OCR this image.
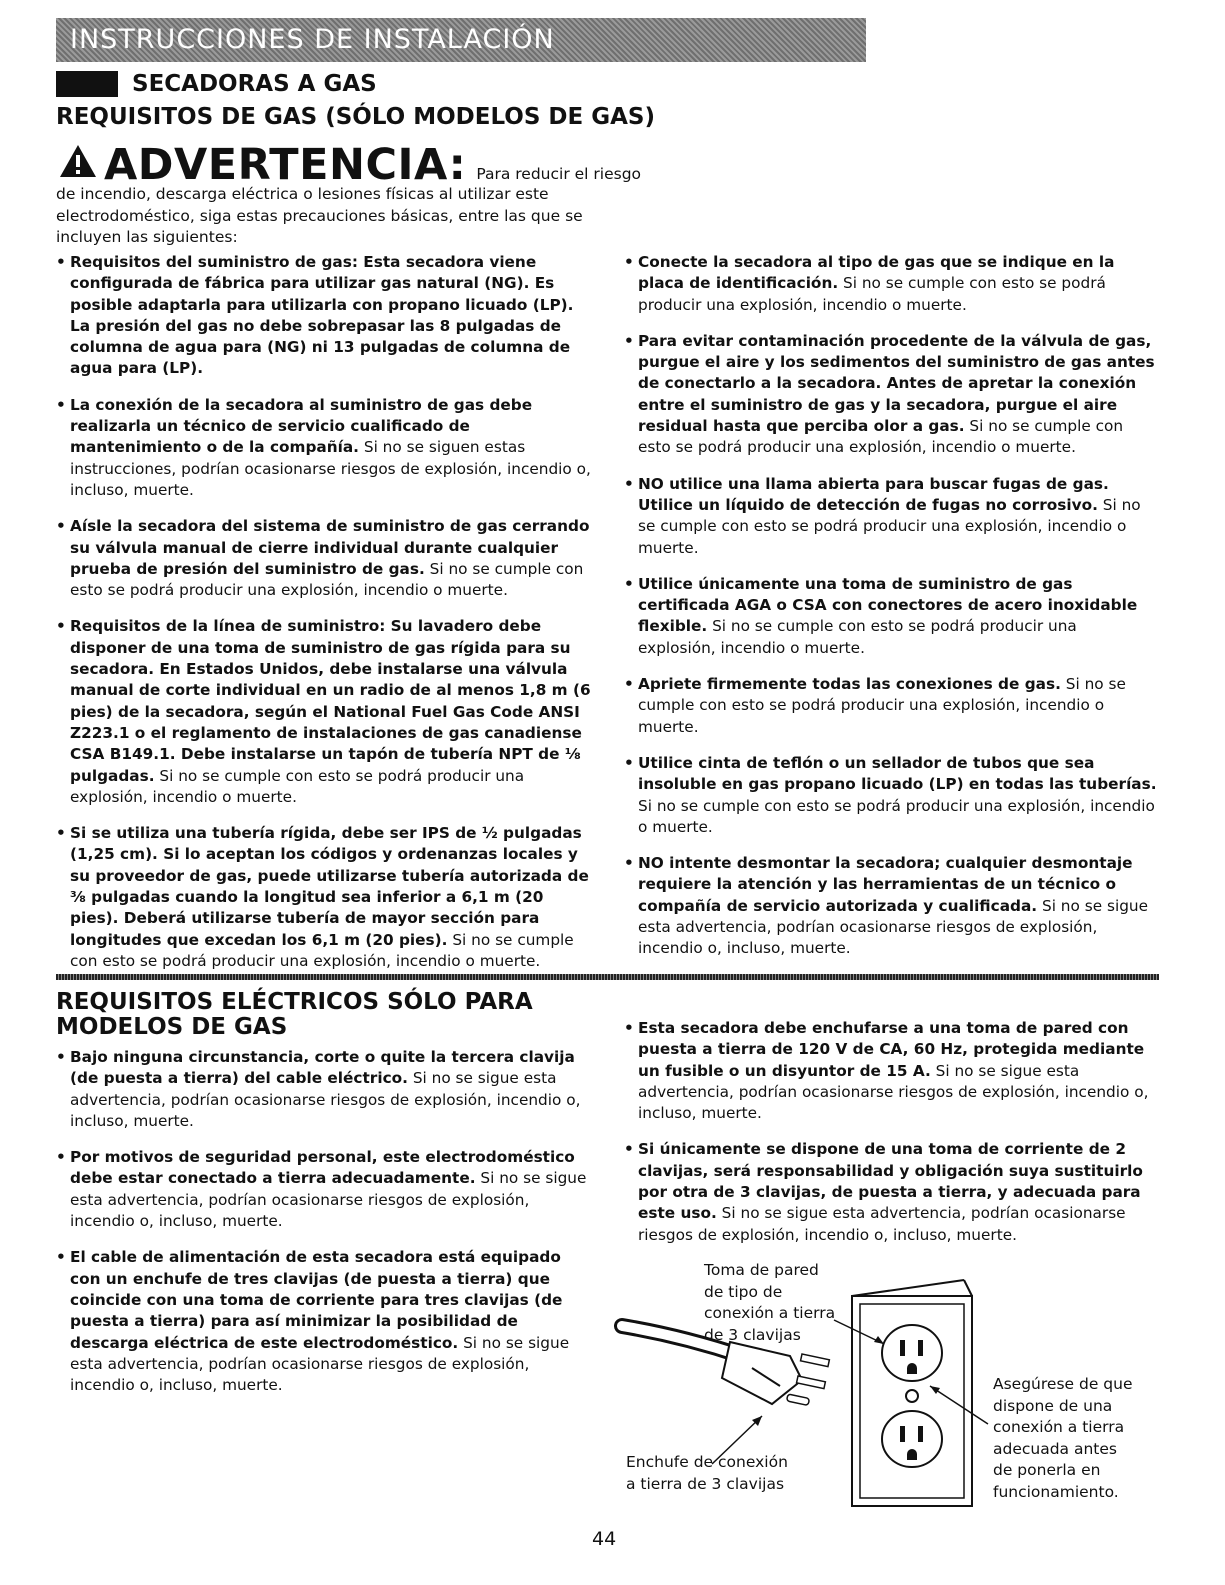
INSTRUCCIONES DE INSTALACIÓN
SECADORAS A GAS
REQUISITOS DE GAS (SÓLO MODELOS DE GAS)
ADVERTENCIA: Para reducir el riesgo
de incendio, descarga eléctrica o lesiones físicas al utilizar este electrodoméstico, siga estas precauciones básicas, entre las que se incluyen las siguientes:
• Requisitos del suministro de gas: Esta secadora viene configurada de fábrica para utilizar gas natural (NG). Es posible adaptarla para utilizarla con propano licuado (LP). La presión del gas no debe sobrepasar las 8 pulgadas de columna de agua para (NG) ni 13 pulgadas de columna de agua para (LP).
• La conexión de la secadora al suministro de gas debe realizarla un técnico de servicio cualificado de mantenimiento o de la compañía. Si no se siguen estas instrucciones, podrían ocasionarse riesgos de explosión, incendio o, incluso, muerte.
• Aísle la secadora del sistema de suministro de gas cerrando su válvula manual de cierre individual durante cualquier prueba de presión del suministro de gas. Si no se cumple con esto se podrá producir una explosión, incendio o muerte.
• Requisitos de la línea de suministro: Su lavadero debe disponer de una toma de suministro de gas rígida para su secadora. En Estados Unidos, debe instalarse una válvula manual de corte individual en un radio de al menos 1,8 m (6 pies) de la secadora, según el National Fuel Gas Code ANSI Z223.1 o el reglamento de instalaciones de gas canadiense CSA B149.1. Debe instalarse un tapón de tubería NPT de ⅛ pulgadas. Si no se cumple con esto se podrá producir una explosión, incendio o muerte.
• Si se utiliza una tubería rígida, debe ser IPS de ½ pulgadas (1,25 cm). Si lo aceptan los códigos y ordenanzas locales y su proveedor de gas, puede utilizarse tubería autorizada de ⅜ pulgadas cuando la longitud sea inferior a 6,1 m (20 pies). Deberá utilizarse tubería de mayor sección para longitudes que excedan los 6,1 m (20 pies). Si no se cumple con esto se podrá producir una explosión, incendio o muerte.
• Conecte la secadora al tipo de gas que se indique en la placa de identificación. Si no se cumple con esto se podrá producir una explosión, incendio o muerte.
• Para evitar contaminación procedente de la válvula de gas, purgue el aire y los sedimentos del suministro de gas antes de conectarlo a la secadora. Antes de apretar la conexión entre el suministro de gas y la secadora, purgue el aire residual hasta que perciba olor a gas. Si no se cumple con esto se podrá producir una explosión, incendio o muerte.
• NO utilice una llama abierta para buscar fugas de gas. Utilice un líquido de detección de fugas no corrosivo. Si no se cumple con esto se podrá producir una explosión, incendio o muerte.
• Utilice únicamente una toma de suministro de gas certificada AGA o CSA con conectores de acero inoxidable flexible. Si no se cumple con esto se podrá producir una explosión, incendio o muerte.
• Apriete firmemente todas las conexiones de gas. Si no se cumple con esto se podrá producir una explosión, incendio o muerte.
• Utilice cinta de teflón o un sellador de tubos que sea insoluble en gas propano licuado (LP) en todas las tuberías. Si no se cumple con esto se podrá producir una explosión, incendio o muerte.
• NO intente desmontar la secadora; cualquier desmontaje requiere la atención y las herramientas de un técnico o compañía de servicio autorizada y cualificada. Si no se sigue esta advertencia, podrían ocasionarse riesgos de explosión, incendio o, incluso, muerte.
REQUISITOS ELÉCTRICOS SÓLO PARA
MODELOS DE GAS
• Bajo ninguna circunstancia, corte o quite la tercera clavija (de puesta a tierra) del cable eléctrico. Si no se sigue esta advertencia, podrían ocasionarse riesgos de explosión, incendio o, incluso, muerte.
• Por motivos de seguridad personal, este electrodoméstico debe estar conectado a tierra adecuadamente. Si no se sigue esta advertencia, podrían ocasionarse riesgos de explosión, incendio o, incluso, muerte.
• El cable de alimentación de esta secadora está equipado con un enchufe de tres clavijas (de puesta a tierra) que coincide con una toma de corriente para tres clavijas (de puesta a tierra) para así minimizar la posibilidad de descarga eléctrica de este electrodoméstico. Si no se sigue esta advertencia, podrían ocasionarse riesgos de explosión, incendio o, incluso, muerte.
• Esta secadora debe enchufarse a una toma de pared con puesta a tierra de 120 V de CA, 60 Hz, protegida mediante un fusible o un disyuntor de 15 A. Si no se sigue esta advertencia, podrían ocasionarse riesgos de explosión, incendio o, incluso, muerte.
• Si únicamente se dispone de una toma de corriente de 2 clavijas, será responsabilidad y obligación suya sustituirlo por otra de 3 clavijas, de puesta a tierra, y adecuada para este uso. Si no se sigue esta advertencia, podrían ocasionarse riesgos de explosión, incendio o, incluso, muerte.
Toma de pared
de tipo de
conexión a tierra
de 3 clavijas
Enchufe de conexión
a tierra de 3 clavijas
Asegúrese de que
dispone de una
conexión a tierra
adecuada antes
de ponerla en
funcionamiento.
44
